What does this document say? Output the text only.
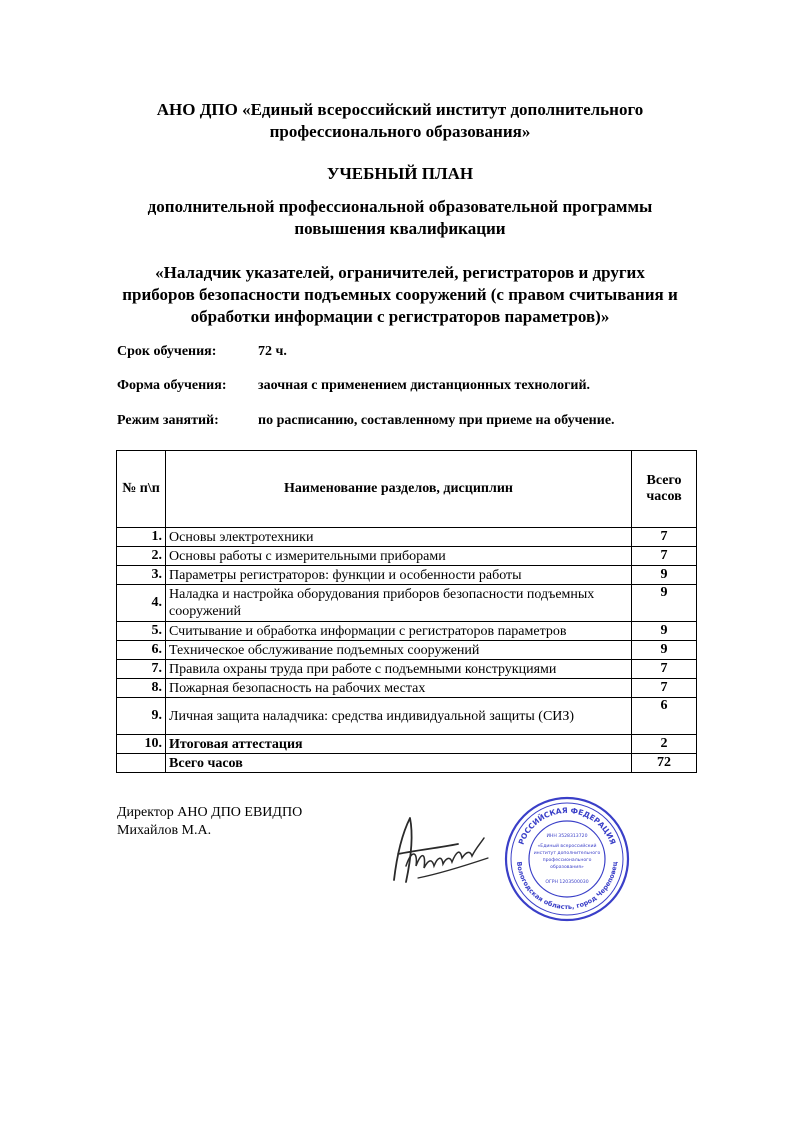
АНО ДПО «Единый всероссийский институт дополнительного
профессионального образования»
УЧЕБНЫЙ ПЛАН
дополнительной профессиональной образовательной программы
повышения квалификации
«Наладчик указателей, ограничителей, регистраторов и других
приборов безопасности подъемных сооружений (с правом считывания и
обработки информации с регистраторов параметров)»
Срок обучения:	72 ч.
Форма обучения: заочная с применением дистанционных технологий.
Режим занятий:	по расписанию, составленному при приеме на обучение.
№ п\п	Наименование разделов, дисциплин	Всего
часов

1.	Основы электротехники	7
2.	Основы работы с измерительными приборами	7
3.	Параметры регистраторов: функции и особенности работы	9
4.	Наладка и настройка оборудования приборов безопасности подъемных сооружений	9
5.	Считывание и обработка информации с регистраторов параметров	9
6.	Техническое обслуживание подъемных сооружений	9
7.	Правила охраны труда при работе с подъемными конструкциями	7
8.	Пожарная безопасность на рабочих местах	7
9.	Личная защита наладчика: средства индивидуальной защиты (СИЗ)	6
10.	Итоговая аттестация	2
	Всего часов	72
Директор АНО ДПО ЕВИДПО
Михайлов М.А.
РОССИЙСКАЯ ФЕДЕРАЦИЯ
Вологодская область, город Череповец
ИНН 3528313720
«Единый всероссийский
институт дополнительного
профессионального
образования»
ОГРН 1203500030
